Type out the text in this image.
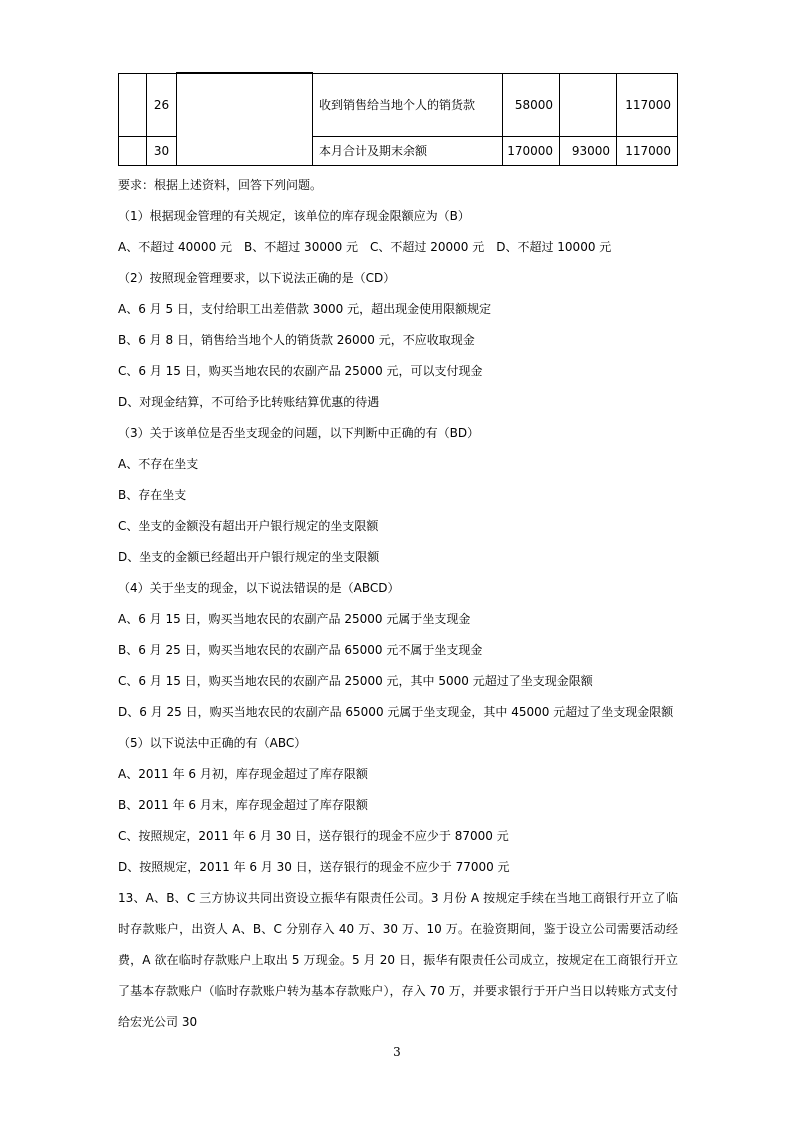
	26		收到销售给当地个人的销货款	58000		117000
	30		本月合计及期末余额	170000	93000	117000
要求：根据上述资料，回答下列问题。
（1）根据现金管理的有关规定，该单位的库存现金限额应为（B）
A、不超过 40000 元　B、不超过 30000 元　C、不超过 20000 元　D、不超过 10000 元
（2）按照现金管理要求，以下说法正确的是（CD）
A、6 月 5 日，支付给职工出差借款 3000 元，超出现金使用限额规定
B、6 月 8 日，销售给当地个人的销货款 26000 元，不应收取现金
C、6 月 15 日，购买当地农民的农副产品 25000 元，可以支付现金
D、对现金结算，不可给予比转账结算优惠的待遇
（3）关于该单位是否坐支现金的问题，以下判断中正确的有（BD）
A、不存在坐支
B、存在坐支
C、坐支的金额没有超出开户银行规定的坐支限额
D、坐支的金额已经超出开户银行规定的坐支限额
（4）关于坐支的现金，以下说法错误的是（ABCD）
A、6 月 15 日，购买当地农民的农副产品 25000 元属于坐支现金
B、6 月 25 日，购买当地农民的农副产品 65000 元不属于坐支现金
C、6 月 15 日，购买当地农民的农副产品 25000 元，其中 5000 元超过了坐支现金限额
D、6 月 25 日，购买当地农民的农副产品 65000 元属于坐支现金，其中 45000 元超过了坐支现金限额
（5）以下说法中正确的有（ABC）
A、2011 年 6 月初，库存现金超过了库存限额
B、2011 年 6 月末，库存现金超过了库存限额
C、按照规定，2011 年 6 月 30 日，送存银行的现金不应少于 87000 元
D、按照规定，2011 年 6 月 30 日，送存银行的现金不应少于 77000 元
13、A、B、C 三方协议共同出资设立振华有限责任公司。3 月份 A 按规定手续在当地工商银行开立了临时存款账户，出资人 A、B、C 分别存入 40 万、30 万、10 万。在验资期间，鉴于设立公司需要活动经费，A 欲在临时存款账户上取出 5 万现金。5 月 20 日，振华有限责任公司成立，按规定在工商银行开立了基本存款账户（临时存款账户转为基本存款账户），存入 70 万，并要求银行于开户当日以转账方式支付给宏光公司 30
3
